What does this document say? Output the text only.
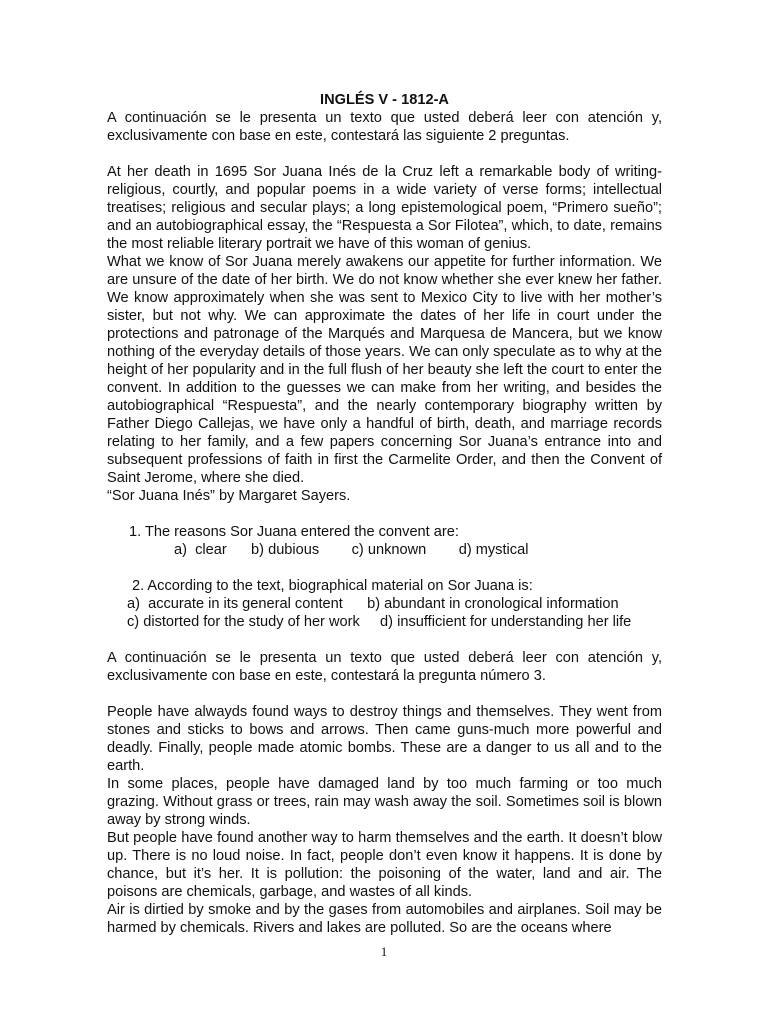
INGLÉS V - 1812-A

A continuación se le presenta un texto que usted deberá leer con atención y, exclusivamente con base en este, contestará las siguiente 2 preguntas.

At her death in 1695 Sor Juana Inés de la Cruz left a remarkable body of writing-religious, courtly, and popular poems in a wide variety of verse forms; intellectual treatises; religious and secular plays; a long epistemological poem, “Primero sueño”; and an autobiographical essay, the “Respuesta a Sor Filotea”, which, to date, remains the most reliable literary portrait we have of this woman of genius.

What we know of Sor Juana merely awakens our appetite for further information. We are unsure of the date of her birth. We do not know whether she ever knew her father. We know approximately when she was sent to Mexico City to live with her mother’s sister, but not why. We can approximate the dates of her life in court under the protections and patronage of the Marqués and Marquesa de Mancera, but we know nothing of the everyday details of those years. We can only speculate as to why at the height of her popularity and in the full flush of her beauty she left the court to enter the convent. In addition to the guesses we can make from her writing, and besides the autobiographical “Respuesta”, and the nearly contemporary biography written by Father Diego Callejas, we have only a handful of birth, death, and marriage records relating to her family, and a few papers concerning Sor Juana’s entrance into and subsequent professions of faith in first the Carmelite Order, and then the Convent of Saint Jerome, where she died.

“Sor Juana Inés” by Margaret Sayers.

1. The reasons Sor Juana entered the convent are:

a)  clear      b) dubious        c) unknown        d) mystical

2. According to the text, biographical material on Sor Juana is:

a)  accurate in its general content      b) abundant in cronological information

c) distorted for the study of her work     d) insufficient for understanding her life

A continuación se le presenta un texto que usted deberá leer con atención y, exclusivamente con base en este, contestará la pregunta número 3.

People have alwayds found ways to destroy things and themselves. They went from stones and sticks to bows and arrows. Then came guns-much more powerful and deadly. Finally, people made atomic bombs. These are a danger to us all and to the earth.

In some places, people have damaged land by too much farming or too much grazing. Without grass or trees, rain may wash away the soil. Sometimes soil is blown away by strong winds.

But people have found another way to harm themselves and the earth. It doesn’t blow up. There is no loud noise. In fact, people don’t even know it happens. It is done by chance, but it’s her. It is pollution: the poisoning of the water, land and air. The poisons are chemicals, garbage, and wastes of all kinds.

Air is dirtied by smoke and by the gases from automobiles and airplanes. Soil may be harmed by chemicals. Rivers and lakes are polluted. So are the oceans where

1
